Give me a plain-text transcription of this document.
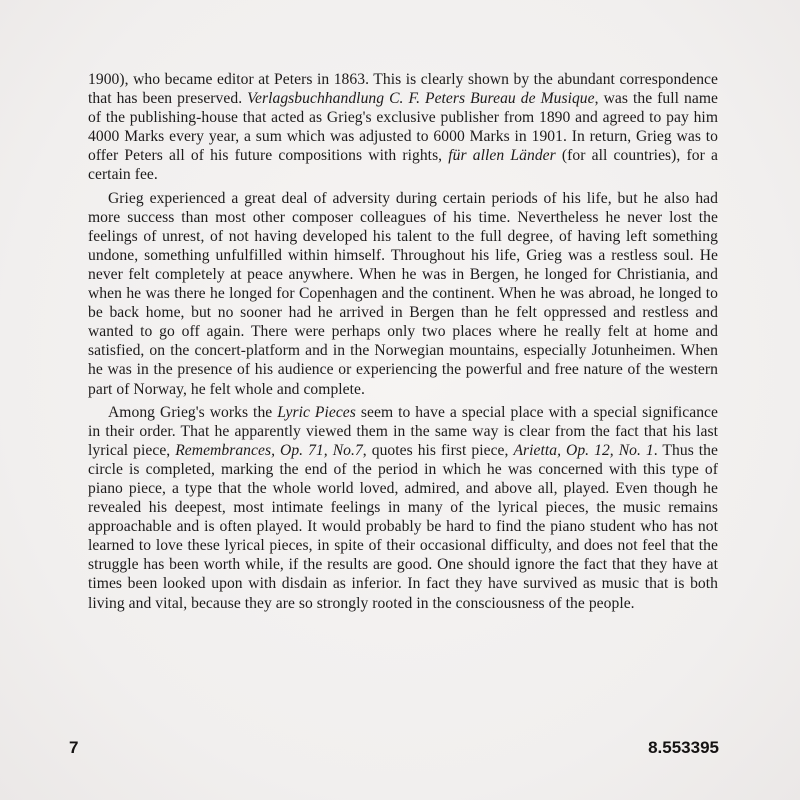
1900), who became editor at Peters in 1863. This is clearly shown by the abundant correspondence that has been preserved. Verlagsbuchhandlung C. F. Peters Bureau de Musique, was the full name of the publishing-house that acted as Grieg's exclusive publisher from 1890 and agreed to pay him 4000 Marks every year, a sum which was adjusted to 6000 Marks in 1901. In return, Grieg was to offer Peters all of his future compositions with rights, für allen Länder (for all countries), for a certain fee.

Grieg experienced a great deal of adversity during certain periods of his life, but he also had more success than most other composer colleagues of his time. Nevertheless he never lost the feelings of unrest, of not having developed his talent to the full degree, of having left something undone, something unfulfilled within himself. Throughout his life, Grieg was a restless soul. He never felt completely at peace anywhere. When he was in Bergen, he longed for Christiania, and when he was there he longed for Copenhagen and the continent. When he was abroad, he longed to be back home, but no sooner had he arrived in Bergen than he felt oppressed and restless and wanted to go off again. There were perhaps only two places where he really felt at home and satisfied, on the concert-platform and in the Norwegian mountains, especially Jotunheimen. When he was in the presence of his audience or experiencing the powerful and free nature of the western part of Norway, he felt whole and complete.

Among Grieg's works the Lyric Pieces seem to have a special place with a special significance in their order. That he apparently viewed them in the same way is clear from the fact that his last lyrical piece, Remembrances, Op. 71, No.7, quotes his first piece, Arietta, Op. 12, No. 1. Thus the circle is completed, marking the end of the period in which he was concerned with this type of piano piece, a type that the whole world loved, admired, and above all, played. Even though he revealed his deepest, most intimate feelings in many of the lyrical pieces, the music remains approachable and is often played. It would probably be hard to find the piano student who has not learned to love these lyrical pieces, in spite of their occasional difficulty, and does not feel that the struggle has been worth while, if the results are good. One should ignore the fact that they have at times been looked upon with disdain as inferior. In fact they have survived as music that is both living and vital, because they are so strongly rooted in the consciousness of the people.

7	8.553395
